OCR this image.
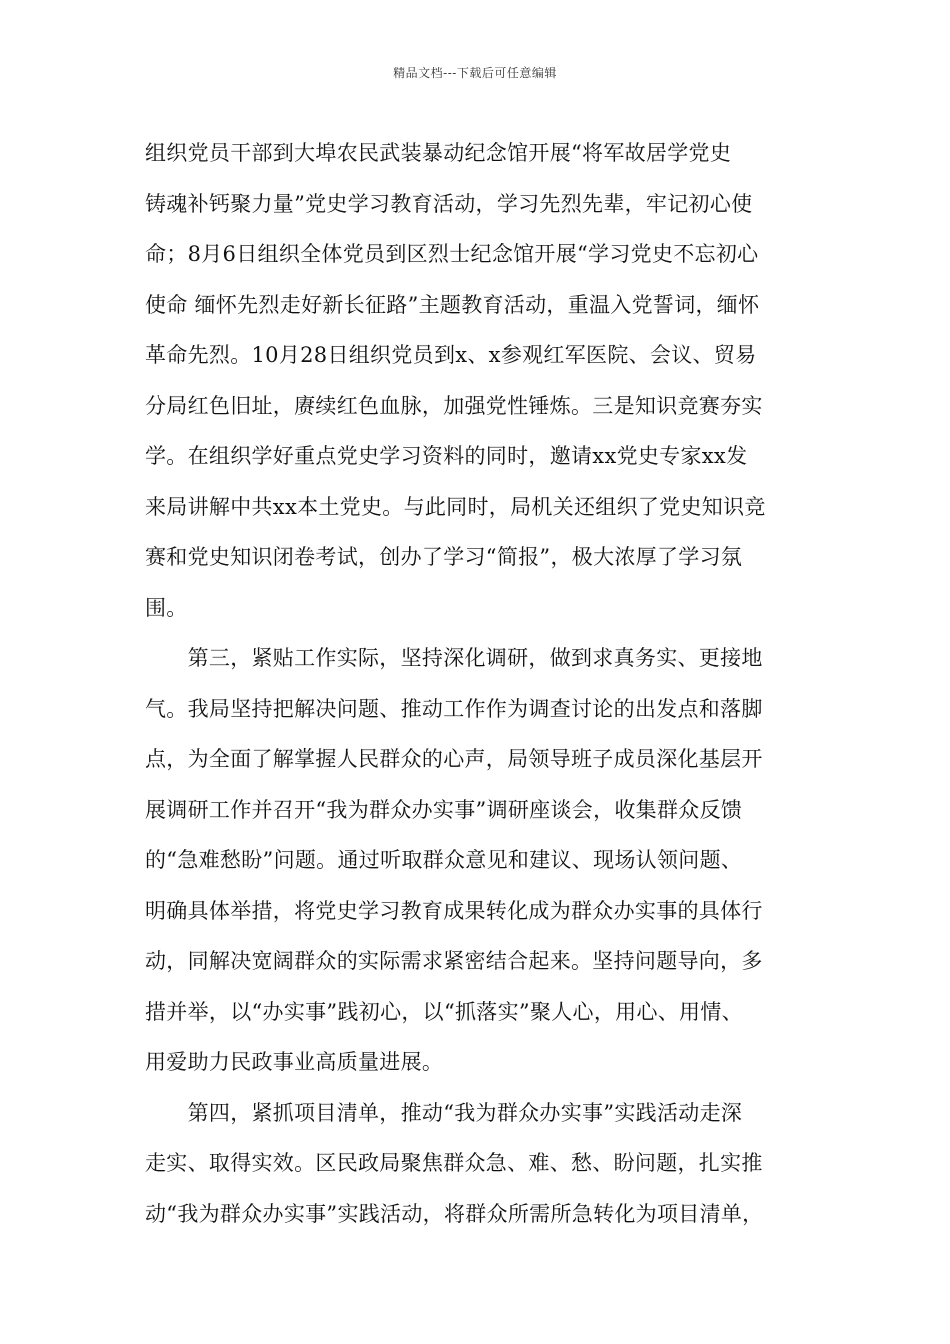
精品文档---下载后可任意编辑
组织党员干部到大埠农民武装暴动纪念馆开展“将军故居学党史
铸魂补钙聚力量”党史学习教育活动，学习先烈先辈，牢记初心使
命；8月6日组织全体党员到区烈士纪念馆开展“学习党史不忘初心
使命 缅怀先烈走好新长征路”主题教育活动，重温入党誓词，缅怀
革命先烈。10月28日组织党员到x、x参观红军医院、会议、贸易
分局红色旧址，赓续红色血脉，加强党性锤炼。三是知识竞赛夯实
学。在组织学好重点党史学习资料的同时，邀请xx党史专家xx发
来局讲解中共xx本土党史。与此同时，局机关还组织了党史知识竞
赛和党史知识闭卷考试，创办了学习“简报”，极大浓厚了学习氛
围。
　　第三，紧贴工作实际，坚持深化调研，做到求真务实、更接地
气。我局坚持把解决问题、推动工作作为调查讨论的出发点和落脚
点，为全面了解掌握人民群众的心声，局领导班子成员深化基层开
展调研工作并召开“我为群众办实事”调研座谈会，收集群众反馈
的“急难愁盼”问题。通过听取群众意见和建议、现场认领问题、
明确具体举措，将党史学习教育成果转化成为群众办实事的具体行
动，同解决宽阔群众的实际需求紧密结合起来。坚持问题导向，多
措并举，以“办实事”践初心，以“抓落实”聚人心，用心、用情、
用爱助力民政事业高质量进展。
　　第四，紧抓项目清单，推动“我为群众办实事”实践活动走深
走实、取得实效。区民政局聚焦群众急、难、愁、盼问题，扎实推
动“我为群众办实事”实践活动，将群众所需所急转化为项目清单，
